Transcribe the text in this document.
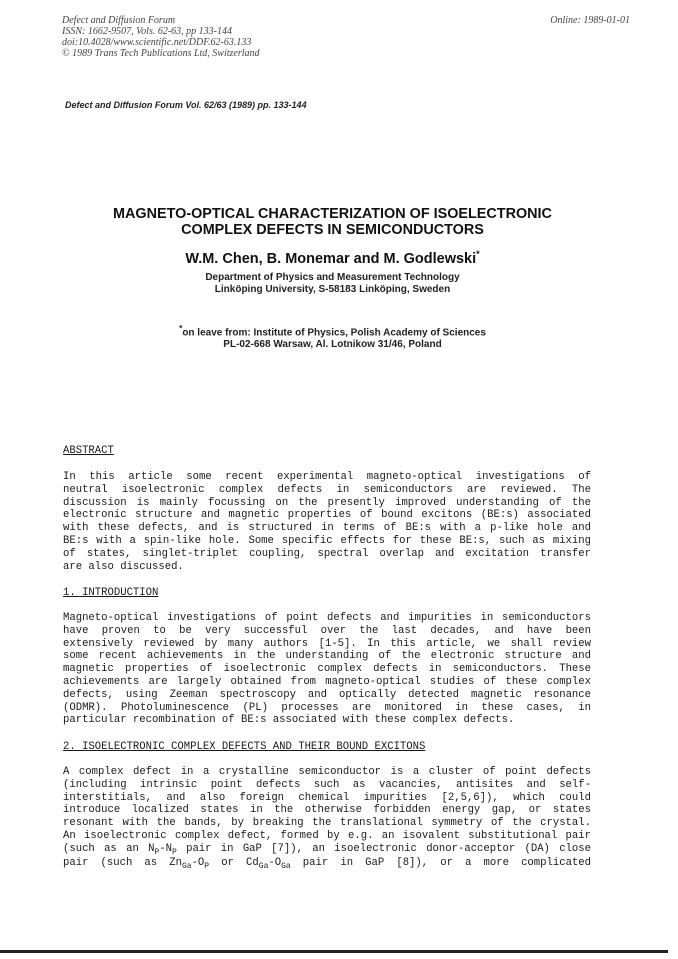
Defect and Diffusion Forum
ISSN: 1662-9507, Vols. 62-63, pp 133-144
doi:10.4028/www.scientific.net/DDF.62-63.133
© 1989 Trans Tech Publications Ltd, Switzerland
Online: 1989-01-01
Defect and Diffusion Forum Vol. 62/63 (1989) pp. 133-144
MAGNETO-OPTICAL CHARACTERIZATION OF ISOELECTRONIC
COMPLEX DEFECTS IN SEMICONDUCTORS
W.M. Chen, B. Monemar and M. Godlewski*
Department of Physics and Measurement Technology
Linköping University, S-58183 Linköping, Sweden
*on leave from: Institute of Physics, Polish Academy of Sciences
PL-02-668 Warsaw, Al. Lotnikow 31/46, Poland
ABSTRACT
In this article some recent experimental magneto-optical investigations of
neutral isoelectronic complex defects in semiconductors are reviewed. The
discussion is mainly focussing on the presently improved understanding of the
electronic structure and magnetic properties of bound excitons (BE:s) associated
with these defects, and is structured in terms of BE:s with a p-like hole and
BE:s with a spin-like hole. Some specific effects for these BE:s, such as mixing
of states, singlet-triplet coupling, spectral overlap and excitation transfer
are also discussed.
1. INTRODUCTION
Magneto-optical investigations of point defects and impurities in semiconductors
have proven to be very successful over the last decades, and have been
extensively reviewed by many authors [1-5]. In this article, we shall review
some recent achievements in the understanding of the electronic structure and
magnetic properties of isoelectronic complex defects in semiconductors. These
achievements are largely obtained from magneto-optical studies of these complex
defects, using Zeeman spectroscopy and optically detected magnetic resonance
(ODMR). Photoluminescence (PL) processes are monitored in these cases, in
particular recombination of BE:s associated with these complex defects.
2. ISOELECTRONIC COMPLEX DEFECTS AND THEIR BOUND EXCITONS
A complex defect in a crystalline semiconductor is a cluster of point defects
(including intrinsic point defects such as vacancies, antisites and self-
interstitials, and also foreign chemical impurities [2,5,6]), which could
introduce localized states in the otherwise forbidden energy gap, or states
resonant with the bands, by breaking the translational symmetry of the crystal.
An isoelectronic complex defect, formed by e.g. an isovalent substitutional pair
(such as an $N_P-N_P$ pair in GaP [7]), an isoelectronic donor-acceptor (DA) close
pair (such as $Zn_{Ga}-O_P$ or $Cd_{Ga}-O_{Ga}$ pair in GaP [8]), or a more complicated
